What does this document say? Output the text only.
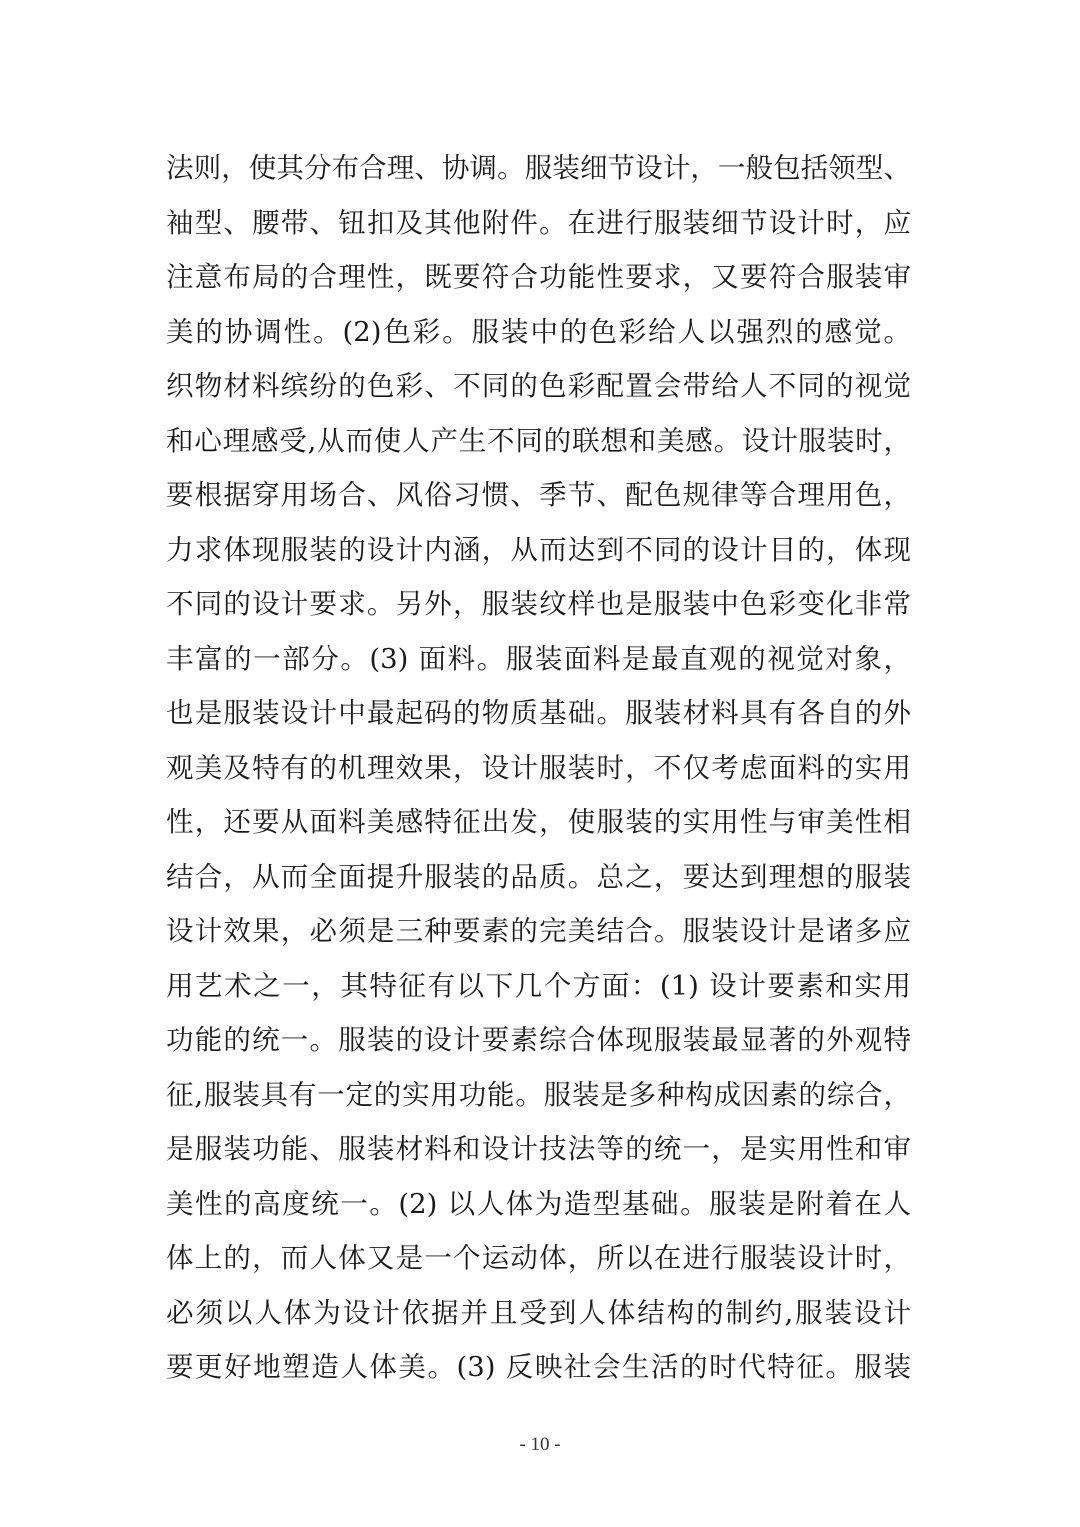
法则，使其分布合理、协调。服装细节设计，一般包括领型、
袖型、腰带、钮扣及其他附件。在进行服装细节设计时，应
注意布局的合理性，既要符合功能性要求，又要符合服装审
美的协调性。(2)色彩。服装中的色彩给人以强烈的感觉。
织物材料缤纷的色彩、不同的色彩配置会带给人不同的视觉
和心理感受,从而使人产生不同的联想和美感。设计服装时，
要根据穿用场合、风俗习惯、季节、配色规律等合理用色，
力求体现服装的设计内涵，从而达到不同的设计目的，体现
不同的设计要求。另外，服装纹样也是服装中色彩变化非常
丰富的一部分。(3) 面料。服装面料是最直观的视觉对象，
也是服装设计中最起码的物质基础。服装材料具有各自的外
观美及特有的机理效果，设计服装时，不仅考虑面料的实用
性，还要从面料美感特征出发，使服装的实用性与审美性相
结合，从而全面提升服装的品质。总之，要达到理想的服装
设计效果，必须是三种要素的完美结合。服装设计是诸多应
用艺术之一，其特征有以下几个方面：(1) 设计要素和实用
功能的统一。服装的设计要素综合体现服装最显著的外观特
征,服装具有一定的实用功能。服装是多种构成因素的综合，
是服装功能、服装材料和设计技法等的统一，是实用性和审
美性的高度统一。(2) 以人体为造型基础。服装是附着在人
体上的，而人体又是一个运动体，所以在进行服装设计时，
必须以人体为设计依据并且受到人体结构的制约,服装设计
要更好地塑造人体美。(3) 反映社会生活的时代特征。服装
- 10 -
